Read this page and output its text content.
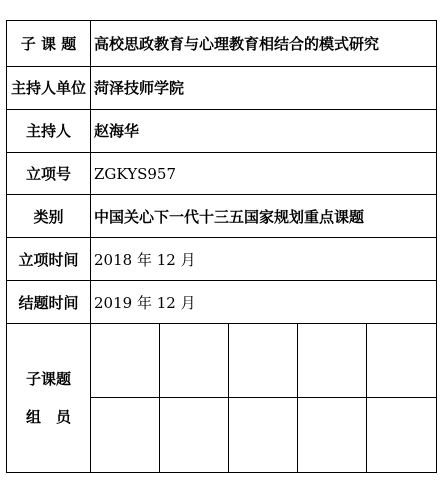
子 课 题	高校思政教育与心理教育相结合的模式研究				
主持人单位	菏泽技师学院				
主持人	赵海华				
立项号	ZGKYS957				
类别	中国关心下一代十三五国家规划重点课题				
立项时间	2018 年 12 月				
结题时间	2019 年 12 月				

子课题
组　员					
